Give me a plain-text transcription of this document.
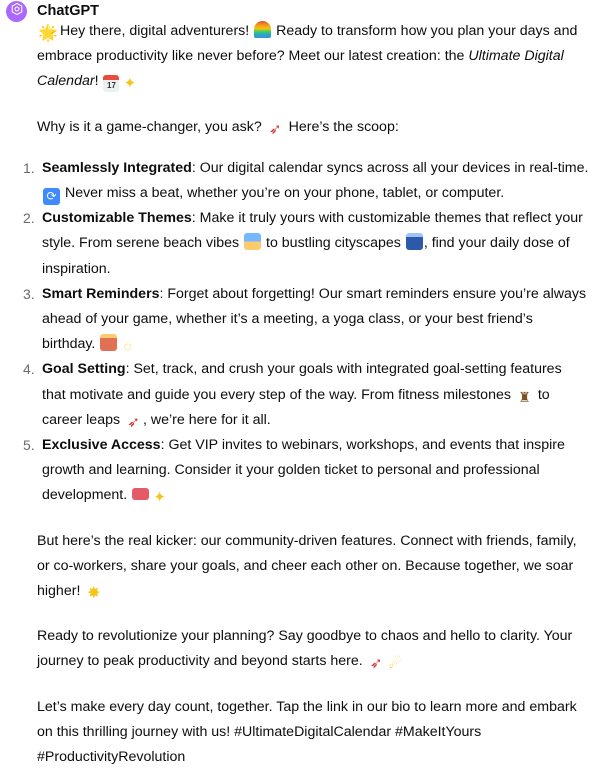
ChatGPT

🌟 Hey there, digital adventurers!  Ready to transform how you plan your days and embrace productivity like never before? Meet our latest creation: the Ultimate Digital Calendar! 17 ✦

Why is it a game-changer, you ask? ➶ Here’s the scoop:

1. Seamlessly Integrated: Our digital calendar syncs across all your devices in real-time. ⟳ Never miss a beat, whether you’re on your phone, tablet, or computer.
2. Customizable Themes: Make it truly yours with customizable themes that reflect your style. From serene beach vibes  to bustling cityscapes , find your daily dose of inspiration.
3. Smart Reminders: Forget about forgetting! Our smart reminders ensure you’re always ahead of your game, whether it’s a meeting, a yoga class, or your best friend’s birthday. ◌
4. Goal Setting: Set, track, and crush your goals with integrated goal-setting features that motivate and guide you every step of the way. From fitness milestones ♜ to career leaps ➶ , we’re here for it all.
5. Exclusive Access: Get VIP invites to webinars, workshops, and events that inspire growth and learning. Consider it your golden ticket to personal and professional development. ✦

But here’s the real kicker: our community-driven features. Connect with friends, family, or co-workers, share your goals, and cheer each other on. Because together, we soar higher! ✸

Ready to revolutionize your planning? Say goodbye to chaos and hello to clarity. Your journey to peak productivity and beyond starts here. ➶ ☄

Let’s make every day count, together. Tap the link in our bio to learn more and embark on this thrilling journey with us! #UltimateDigitalCalendar #MakeItYours #ProductivityRevolution
